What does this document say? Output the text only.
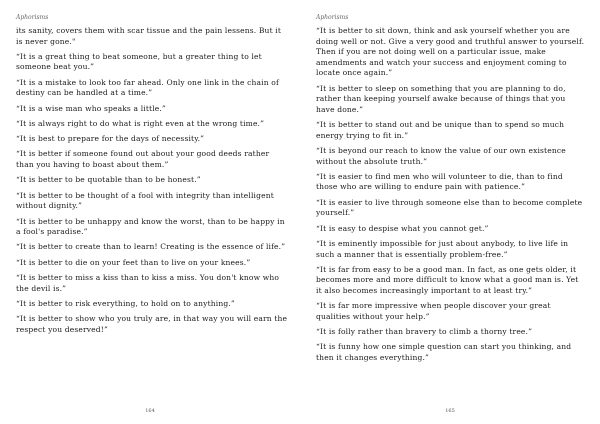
Aphorisms

its sanity, covers them with scar tissue and the pain lessens. But it is never gone."

“It is a great thing to beat someone, but a greater thing to let someone beat you.”

“It is a mistake to look too far ahead. Only one link in the chain of destiny can be handled at a time.”

“It is a wise man who speaks a little.”

“It is always right to do what is right even at the wrong time.”

“It is best to prepare for the days of necessity.”

“It is better if someone found out about your good deeds rather than you having to boast about them.”

“It is better to be quotable than to be honest.”

“It is better to be thought of a fool with integrity than intelligent without dignity.”

“It is better to be unhappy and know the worst, than to be happy in a fool's paradise.”

“It is better to create than to learn! Creating is the essence of life.”

“It is better to die on your feet than to live on your knees.”

“It is better to miss a kiss than to kiss a miss. You don't know who the devil is.”

“It is better to risk everything, to hold on to anything.”

“It is better to show who you truly are, in that way you will earn the respect you deserved!”

164
Aphorisms

“It is better to sit down, think and ask yourself whether you are doing well or not. Give a very good and truthful answer to yourself. Then if you are not doing well on a particular issue, make amendments and watch your success and enjoyment coming to locate once again.”

“It is better to sleep on something that you are planning to do, rather than keeping yourself awake because of things that you have done.”

“It is better to stand out and be unique than to spend so much energy trying to fit in.”

“It is beyond our reach to know the value of our own existence without the absolute truth.”

“It is easier to find men who will volunteer to die, than to find those who are willing to endure pain with patience.”

“It is easier to live through someone else than to become complete yourself.”

“It is easy to despise what you cannot get.”

“It is eminently impossible for just about anybody, to live life in such a manner that is essentially problem-free.”

“It is far from easy to be a good man. In fact, as one gets older, it becomes more and more difficult to know what a good man is. Yet it also becomes increasingly important to at least try.”

“It is far more impressive when people discover your great qualities without your help.”

“It is folly rather than bravery to climb a thorny tree.”

“It is funny how one simple question can start you thinking, and then it changes everything.”

165
